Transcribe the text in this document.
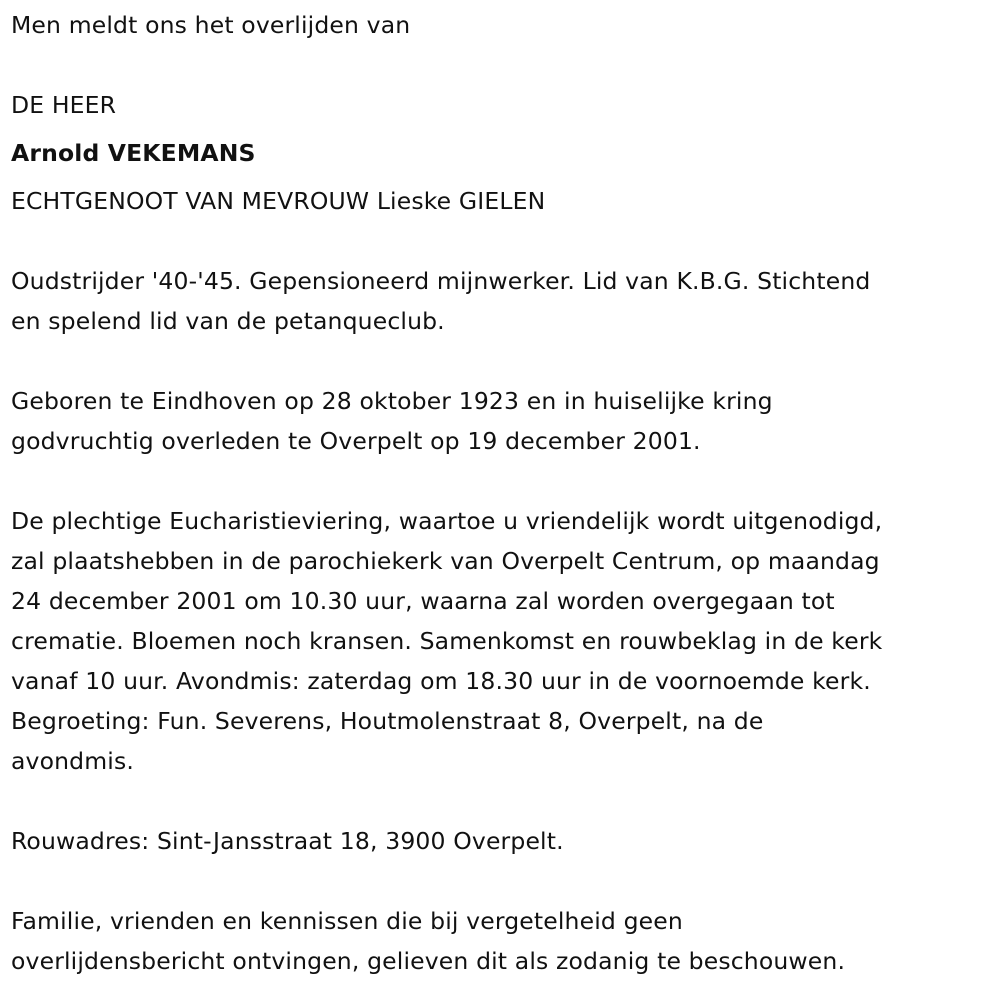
Men meldt ons het overlijden van
DE HEER
Arnold VEKEMANS
ECHTGENOOT VAN MEVROUW Lieske GIELEN
Oudstrijder '40-'45. Gepensioneerd mijnwerker. Lid van K.B.G. Stichtend
en spelend lid van de petanqueclub.
Geboren te Eindhoven op 28 oktober 1923 en in huiselijke kring
godvruchtig overleden te Overpelt op 19 december 2001.
De plechtige Eucharistieviering, waartoe u vriendelijk wordt uitgenodigd,
zal plaatshebben in de parochiekerk van Overpelt Centrum, op maandag
24 december 2001 om 10.30 uur, waarna zal worden overgegaan tot
crematie. Bloemen noch kransen. Samenkomst en rouwbeklag in de kerk
vanaf 10 uur. Avondmis: zaterdag om 18.30 uur in de voornoemde kerk.
Begroeting: Fun. Severens, Houtmolenstraat 8, Overpelt, na de
avondmis.
Rouwadres: Sint-Jansstraat 18, 3900 Overpelt.
Familie, vrienden en kennissen die bij vergetelheid geen
overlijdensbericht ontvingen, gelieven dit als zodanig te beschouwen.
